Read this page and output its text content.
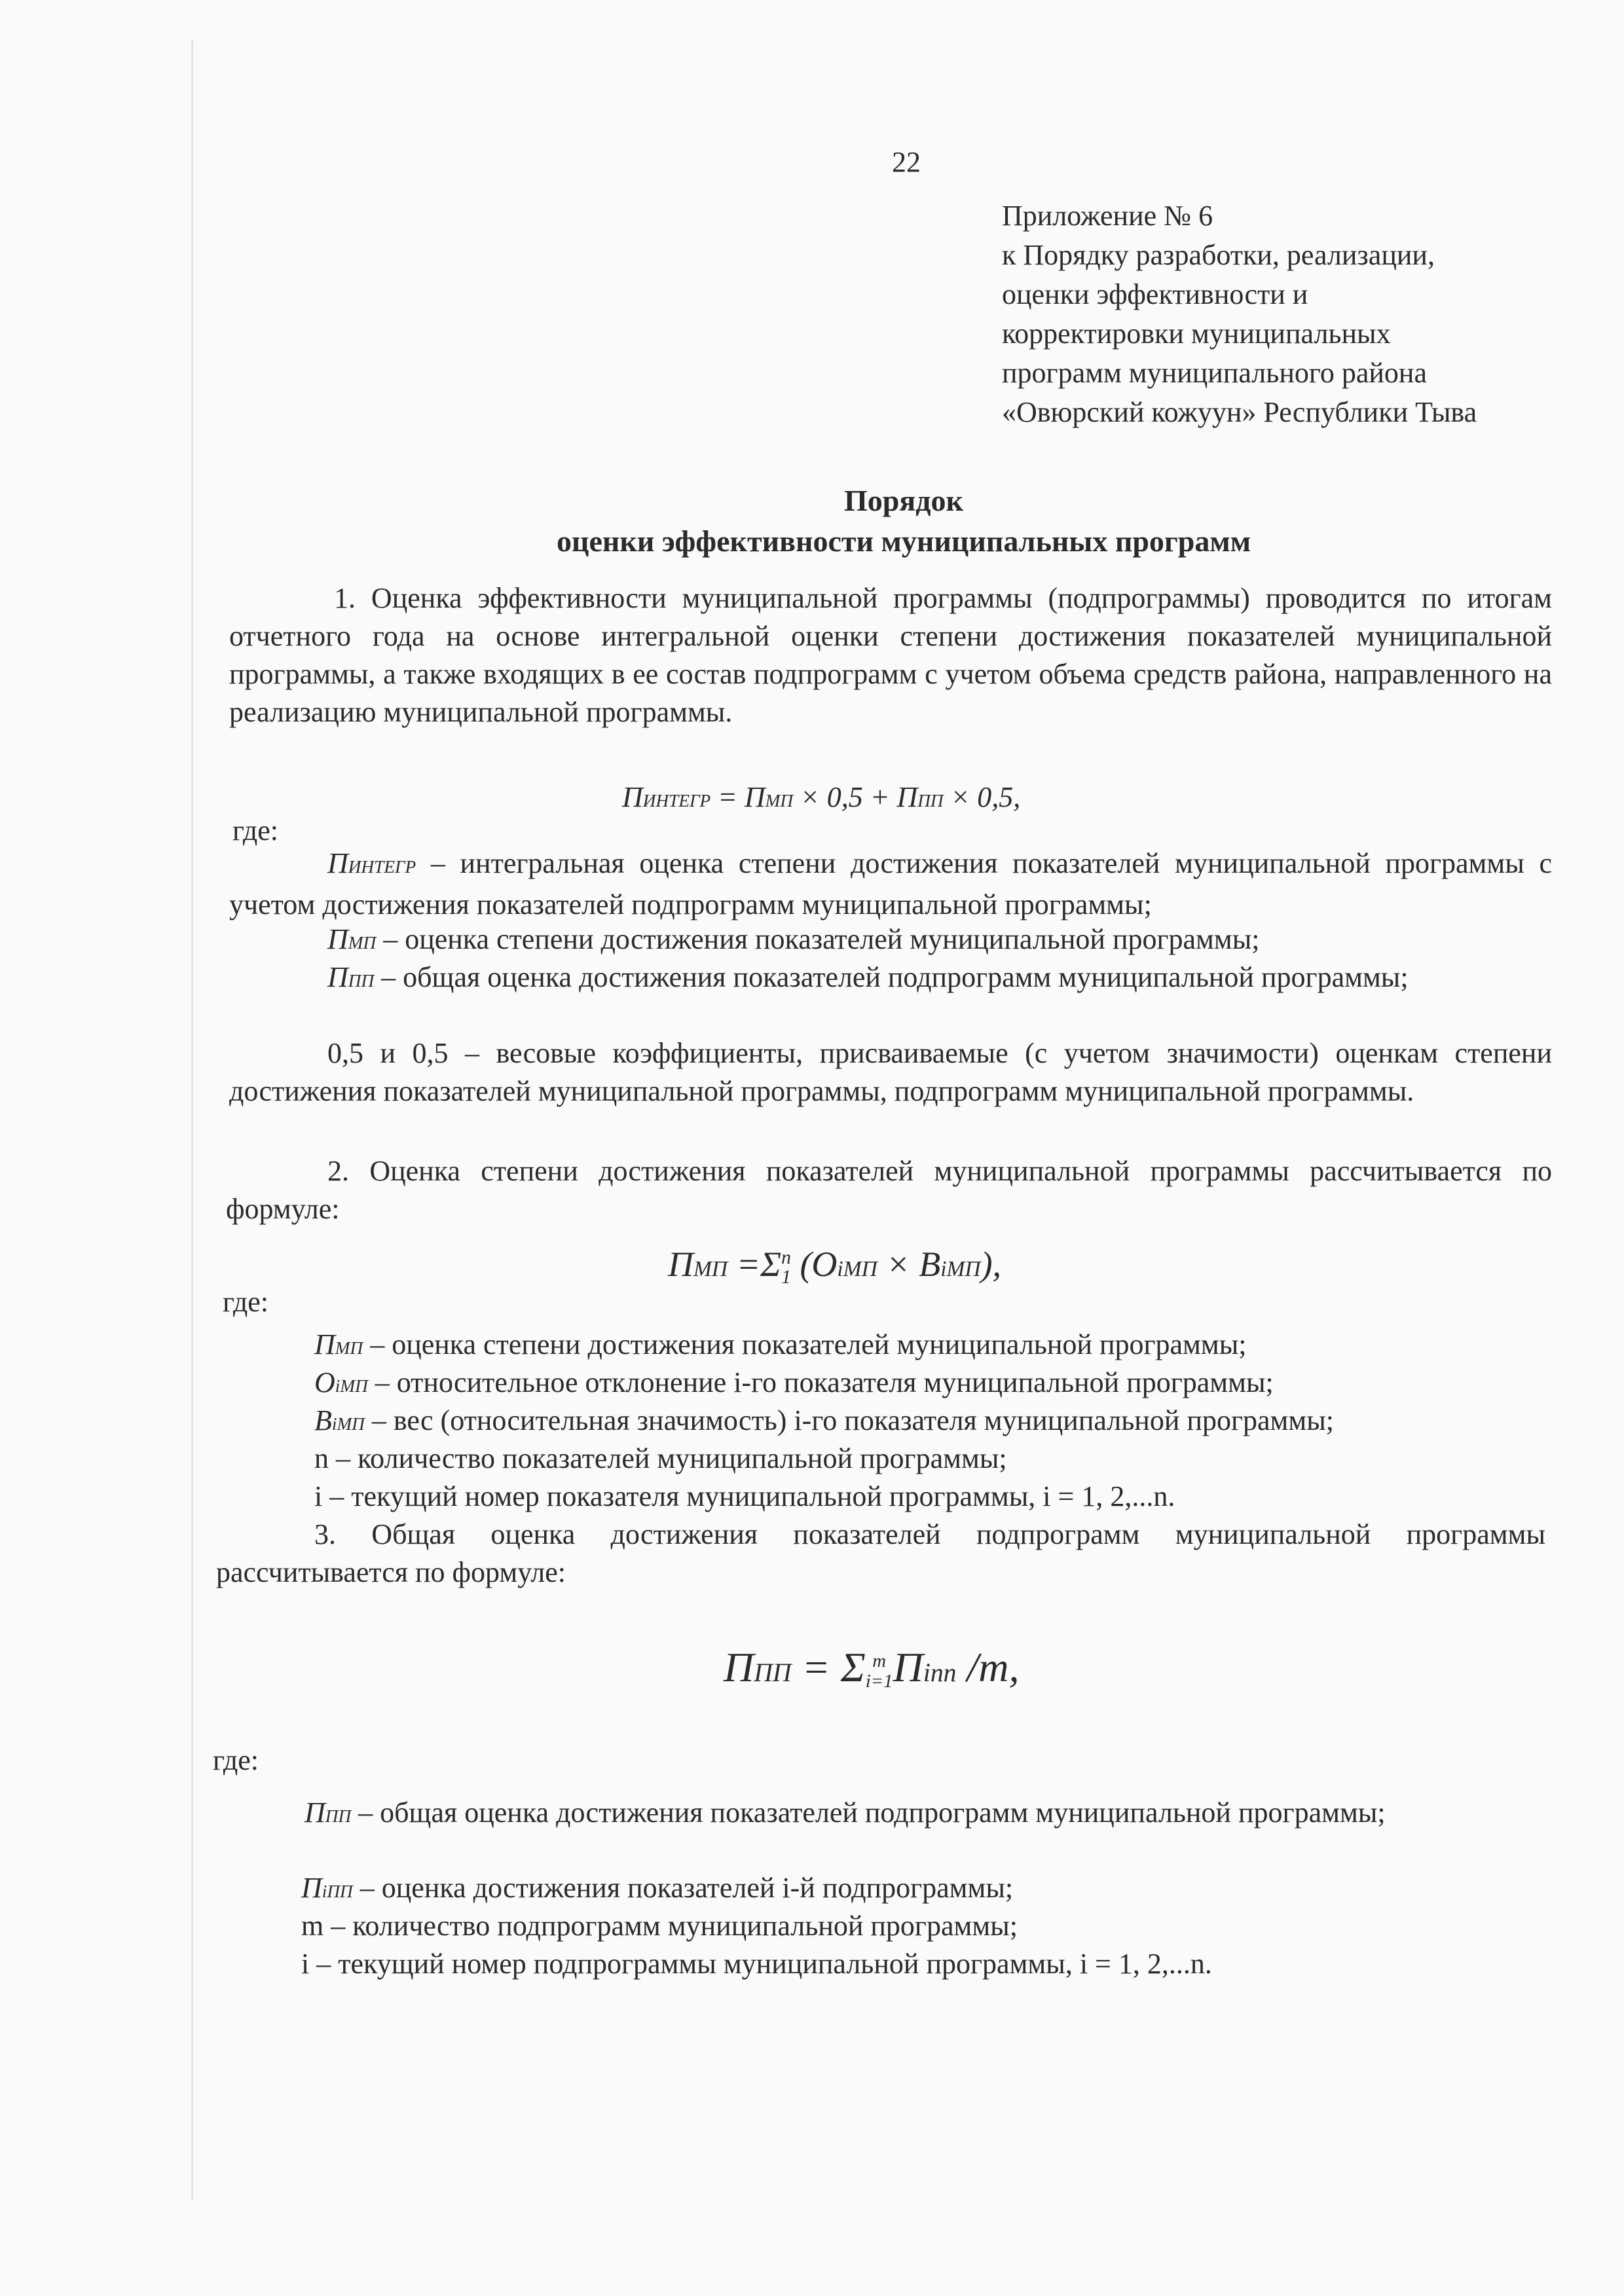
22
Приложение № 6
к Порядку разработки, реализации,
оценки эффективности и
корректировки муниципальных
программ муниципального района
«Овюрский кожуун» Республики Тыва
Порядок
оценки эффективности муниципальных программ
1. Оценка эффективности муниципальной программы (подпрограммы) проводится по итогам отчетного года на основе интегральной оценки степени достижения показателей муниципальной программы, а также входящих в ее состав подпрограмм с учетом объема средств района, направленного на реализацию муниципальной программы.
ПИНТЕГР = ПМП × 0,5 + ППП × 0,5,
где:
ПИНТЕГР – интегральная оценка степени достижения показателей муниципальной программы с учетом достижения показателей подпрограмм муниципальной программы;
ПМП – оценка степени достижения показателей муниципальной программы;
ППП – общая оценка достижения показателей подпрограмм муниципальной программы;
0,5 и 0,5 – весовые коэффициенты, присваиваемые (с учетом значимости) оценкам степени достижения показателей муниципальной программы, подпрограмм муниципальной программы.
2. Оценка степени достижения показателей муниципальной программы рассчитывается по формуле:
ПМП =Σ n
1 (OiМП × BiМП),
где:
ПМП – оценка степени достижения показателей муниципальной программы;
OiМП – относительное отклонение i-го показателя муниципальной программы;
BiМП – вес (относительная значимость) i-го показателя муниципальной программы;
n – количество показателей муниципальной программы;
i – текущий номер показателя муниципальной программы, i = 1, 2,...n.
3. Общая оценка достижения показателей подпрограмм муниципальной программы рассчитывается по формуле:
ППП = Σ m
i=1 Пiпп /m,
где:
ППП – общая оценка достижения показателей подпрограмм муниципальной программы;
ПiПП – оценка достижения показателей i-й подпрограммы;
m – количество подпрограмм муниципальной программы;
i – текущий номер подпрограммы муниципальной программы, i = 1, 2,...n.
